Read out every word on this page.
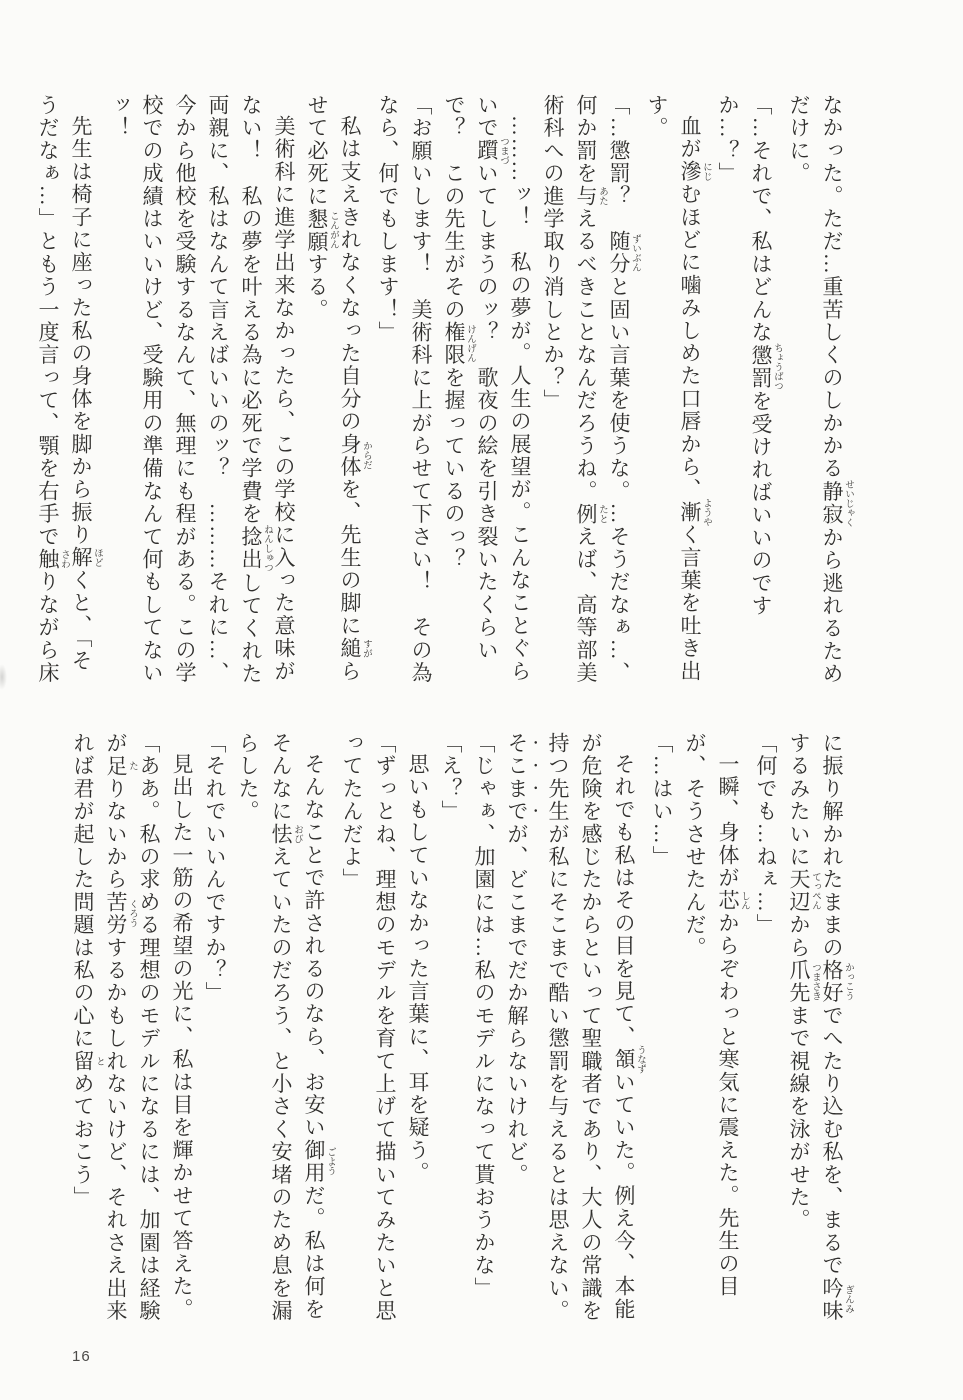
なかった。ただ…重苦しくのしかかる静寂 せいじゃくから逃れるためだけに。

「…それで、私はどんな懲罰 ちょうばつを受ければいいのですか…？」

血が滲 にじむほどに噛みしめた口唇から、漸 ようやく言葉を吐き出す。

「…懲罰？　随分 ずいぶんと固い言葉を使うな。…そうだなぁ…、何か罰を与 あたえるべきことなんだろうね。例 たとえば、高等部美術科への進学取り消しとか？」

………ッ！　私の夢が。人生の展望が。こんなことぐらいで躓 つまづいてしまうのッ？　歌夜の絵を引き裂いたくらいで？　この先生がその権限 けんげんを握っているのっ？

「お願いします！　美術科に上がらせて下さい！　その為なら、何でもします！」

私は支えきれなくなった自分の身体 からだを、先生の脚に縋 すがらせて必死に懇願 こんがんする。

美術科に進学出来なかったら、この学校に入った意味がない！　私の夢を叶える為に必死で学費を捻出 ねんしゅつしてくれた両親に、私はなんて言えばいいのッ？　………それに…、今から他校を受験するなんて、無理にも程がある。この学校での成績はいいけど、受験用の準備なんて何もしてないッ！

先生は椅子に座った私の身体を脚から振り解 ほどくと、「そうだなぁ…」ともう一度言って、顎を右手で触 さわりながら床

に振り解かれたままの格好 かっこうでへたり込む私を、まるで吟味 ぎんみするみたいに天辺 てっぺんから爪先 つまさきまで視線を泳がせた。

「何でも…ねぇ…」

一瞬、身体が芯 しんからぞわっと寒気に震えた。先生の目が、そうさせたんだ。

「…はい…」

それでも私はその目を見て、頷 うなずいていた。例え今、本能が危険を感じたからといって聖職者であり、大人の常識を持つ先生が私にそこまで酷い懲罰を与えるとは思えない。そこまでが、どこまでだか解らないけれど。

「じゃぁ、加園には…私のモデルになって貰おうかな」

「え？」

思いもしていなかった言葉に、耳を疑う。

「ずっとね、理想のモデルを育て上げて描いてみたいと思ってたんだよ」

そんなことで許されるのなら、お安い御用 ごようだ。私は何をそんなに怯 おびえていたのだろう、と小さく安堵のため息を漏らした。

「それでいいんですか？」

見出した一筋の希望の光に、私は目を輝かせて答えた。

「ああ。私の求める理想のモデルになるには、加園は経験が足 たりないから苦労 くろうするかもしれないけど、それさえ出来れば君が起した問題は私の心に留 とめておこう」

16
